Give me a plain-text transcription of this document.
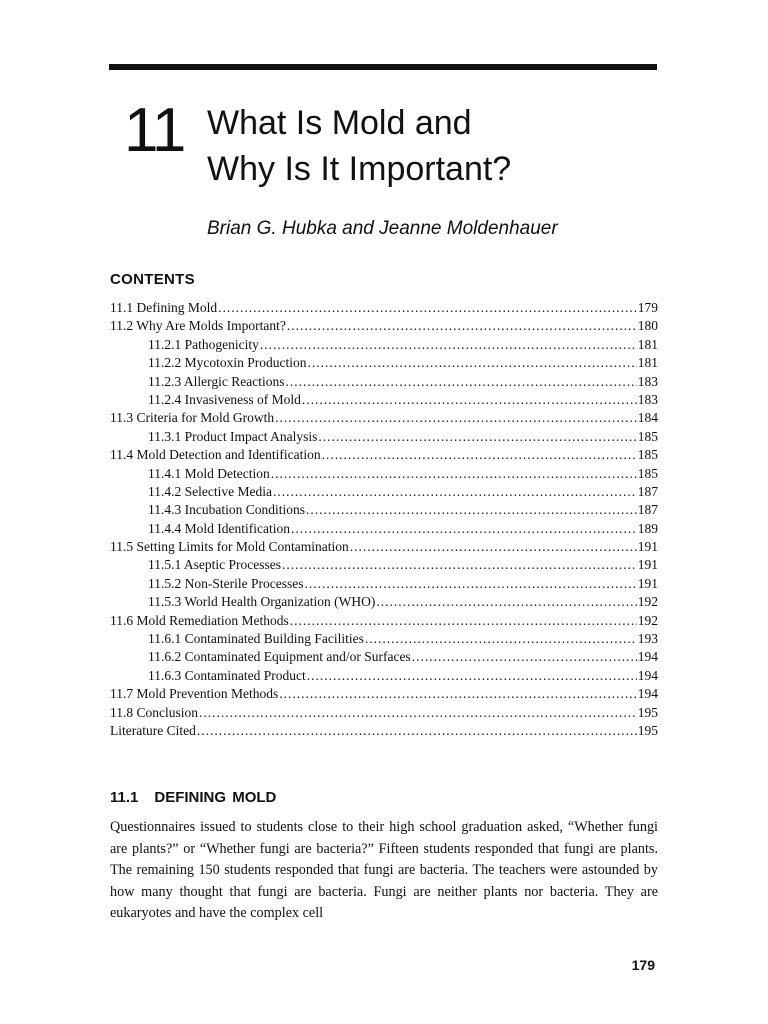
11 What Is Mold and
Why Is It Important?
Brian G. Hubka and Jeanne Moldenhauer
CONTENTS
11.1 Defining Mold .....	179
11.2 Why Are Molds Important? .....	180
11.2.1 Pathogenicity .....	181
11.2.2 Mycotoxin Production .....	181
11.2.3 Allergic Reactions .....	183
11.2.4 Invasiveness of Mold .....	183
11.3 Criteria for Mold Growth .....	184
11.3.1 Product Impact Analysis .....	185
11.4 Mold Detection and Identification .....	185
11.4.1 Mold Detection .....	185
11.4.2 Selective Media .....	187
11.4.3 Incubation Conditions .....	187
11.4.4 Mold Identification .....	189
11.5 Setting Limits for Mold Contamination .....	191
11.5.1 Aseptic Processes .....	191
11.5.2 Non-Sterile Processes .....	191
11.5.3 World Health Organization (WHO) .....	192
11.6 Mold Remediation Methods .....	192
11.6.1 Contaminated Building Facilities .....	193
11.6.2 Contaminated Equipment and/or Surfaces .....	194
11.6.3 Contaminated Product .....	194
11.7 Mold Prevention Methods .....	194
11.8 Conclusion .....	195
Literature Cited .....	195
11.1 DEFINING MOLD

Questionnaires issued to students close to their high school graduation asked, “Whether fungi are plants?” or “Whether fungi are bacteria?” Fifteen students responded that fungi are plants. The remaining 150 students responded that fungi are bacteria. The teachers were astounded by how many thought that fungi are bacteria. Fungi are neither plants nor bacteria. They are eukaryotes and have the complex cell

179
